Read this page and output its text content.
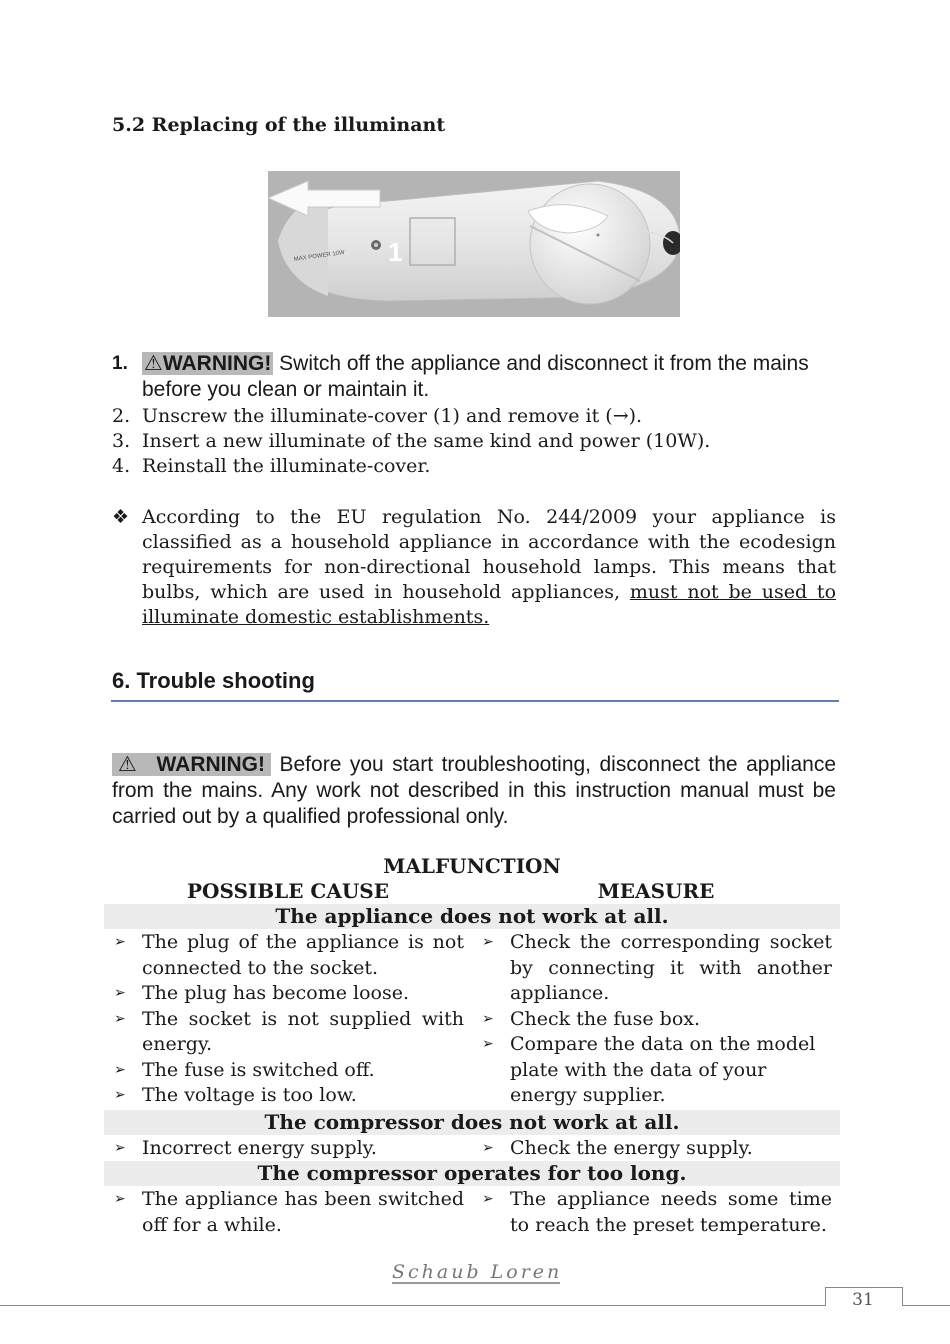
5.2 Replacing of the illuminant
1
MAX POWER 10W
1. ⚠WARNING! Switch off the appliance and disconnect it from the mains before you clean or maintain it.
2. Unscrew the illuminate-cover (1) and remove it (→).
3. Insert a new illuminate of the same kind and power (10W).
4. Reinstall the illuminate-cover.
❖ According to the EU regulation No. 244/2009 your appliance is classified as a household appliance in accordance with the ecodesign requirements for non-directional household lamps. This means that bulbs, which are used in household appliances, must not be used to illuminate domestic establishments.
6. Trouble shooting
⚠ WARNING! Before you start troubleshooting, disconnect the appliance from the mains. Any work not described in this instruction manual must be carried out by a qualified professional only.
MALFUNCTION
POSSIBLE CAUSE	MEASURE
The appliance does not work at all.
➢ The plug of the appliance is not connected to the socket.
➢ The plug has become loose.
➢ The socket is not supplied with energy.
➢ The fuse is switched off.
➢ The voltage is too low.
➢ Check the corresponding socket by connecting it with another appliance.
➢ Check the fuse box.
➢ Compare the data on the model plate with the data of your energy supplier.
The compressor does not work at all.
➢ Incorrect energy supply.	➢ Check the energy supply.
The compressor operates for too long.
➢ The appliance has been switched off for a while.
➢ The appliance needs some time to reach the preset temperature.
Schaub Lorenz
31
